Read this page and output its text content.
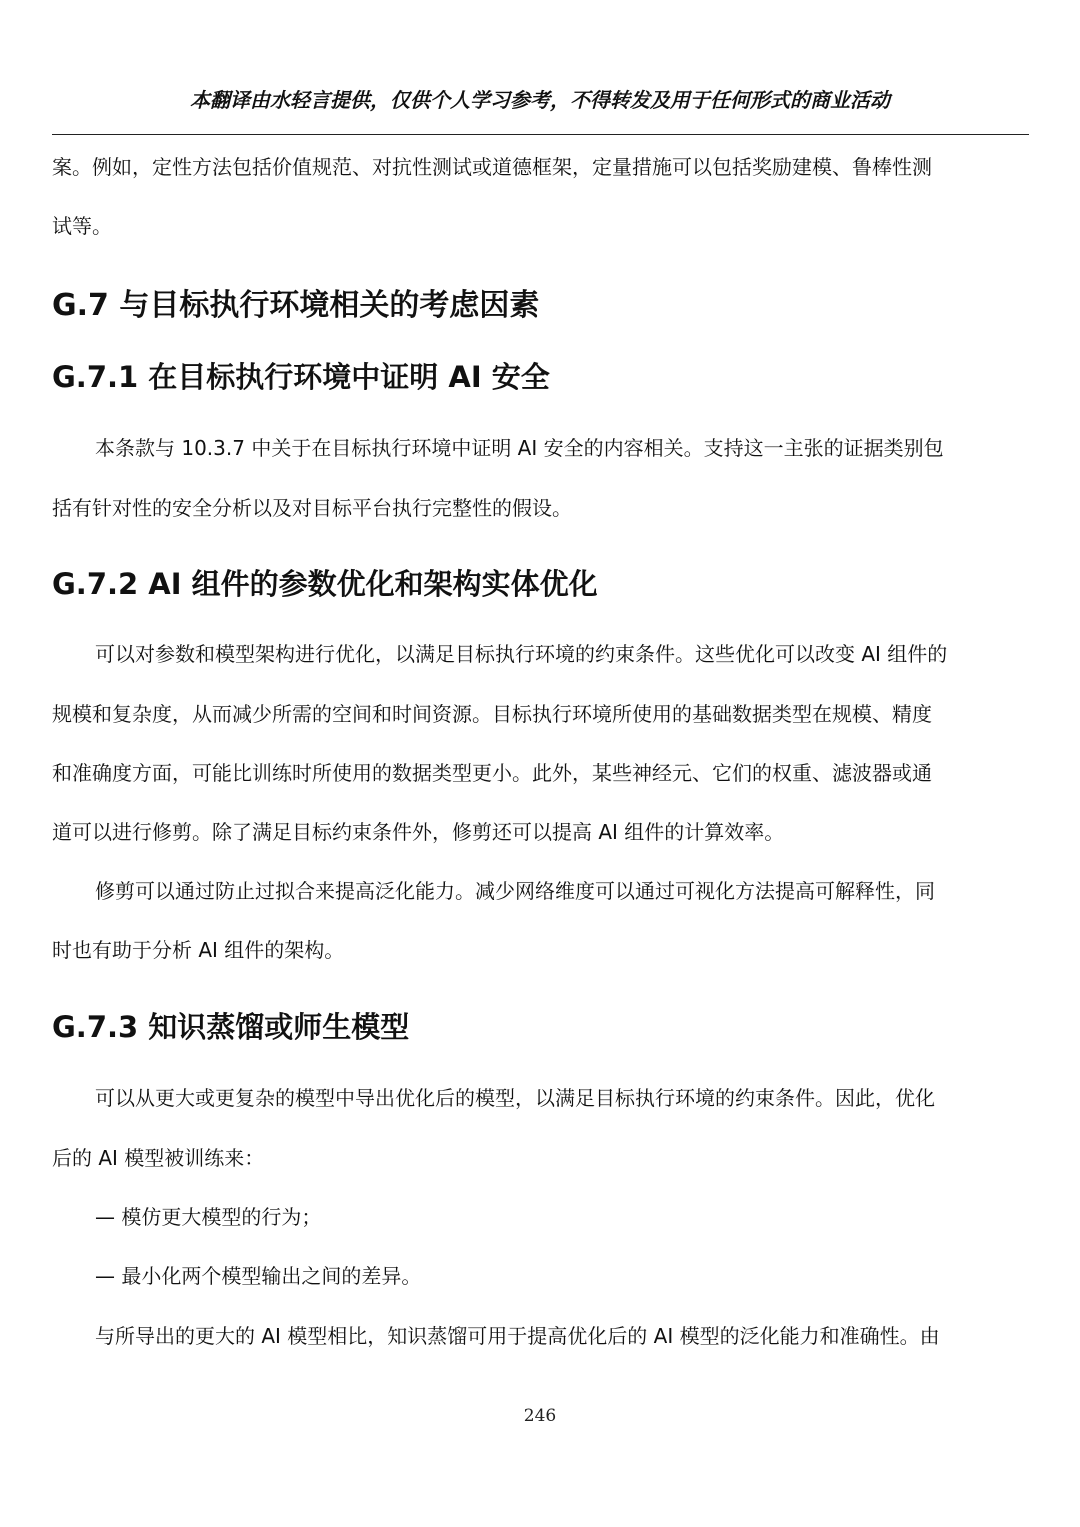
本翻译由水轻言提供，仅供个人学习参考，不得转发及用于任何形式的商业活动
案。例如，定性方法包括价值规范、对抗性测试或道德框架，定量措施可以包括奖励建模、鲁棒性测
试等。
G.7 与目标执行环境相关的考虑因素
G.7.1 在目标执行环境中证明 AI 安全
本条款与 10.3.7 中关于在目标执行环境中证明 AI 安全的内容相关。支持这一主张的证据类别包
括有针对性的安全分析以及对目标平台执行完整性的假设。
G.7.2 AI 组件的参数优化和架构实体优化
可以对参数和模型架构进行优化，以满足目标执行环境的约束条件。这些优化可以改变 AI 组件的
规模和复杂度，从而减少所需的空间和时间资源。目标执行环境所使用的基础数据类型在规模、精度
和准确度方面，可能比训练时所使用的数据类型更小。此外，某些神经元、它们的权重、滤波器或通
道可以进行修剪。除了满足目标约束条件外，修剪还可以提高 AI 组件的计算效率。
修剪可以通过防止过拟合来提高泛化能力。减少网络维度可以通过可视化方法提高可解释性，同
时也有助于分析 AI 组件的架构。
G.7.3 知识蒸馏或师生模型
可以从更大或更复杂的模型中导出优化后的模型，以满足目标执行环境的约束条件。因此，优化
后的 AI 模型被训练来：
— 模仿更大模型的行为；
— 最小化两个模型输出之间的差异。
与所导出的更大的 AI 模型相比，知识蒸馏可用于提高优化后的 AI 模型的泛化能力和准确性。由
246
